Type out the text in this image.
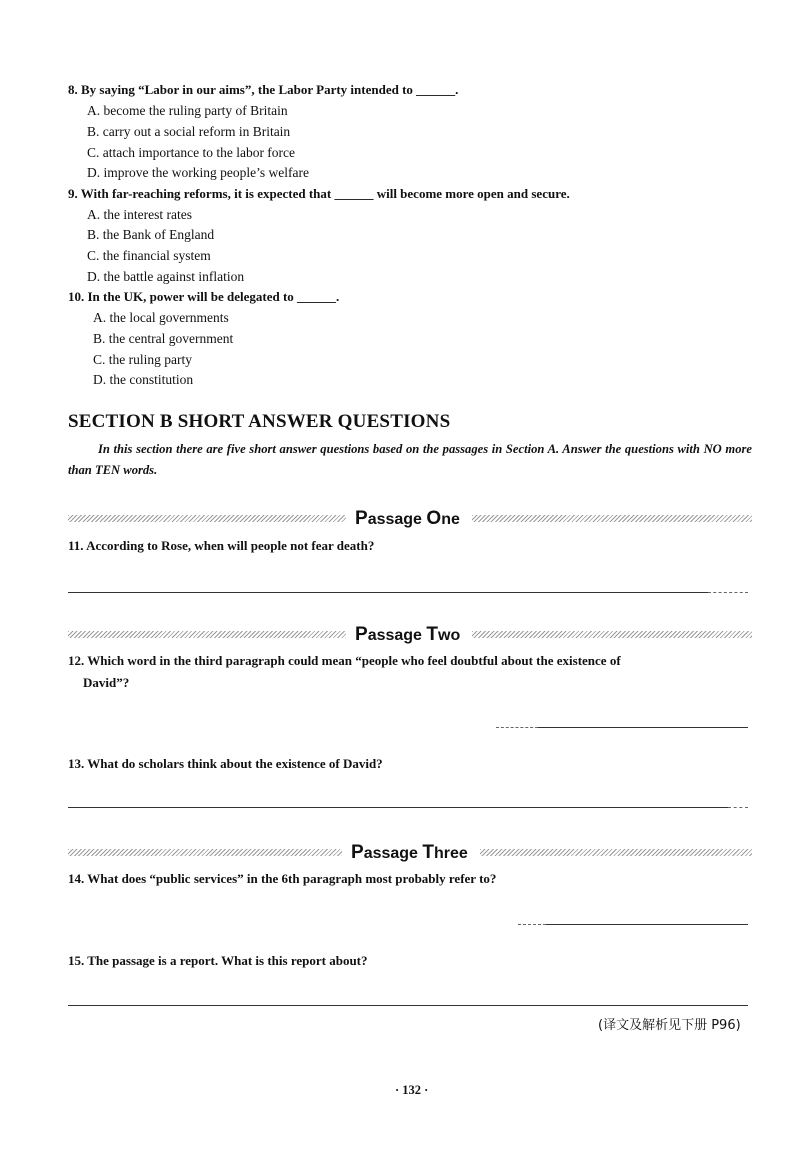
8. By saying “Labor in our aims”, the Labor Party intended to ______.
A. become the ruling party of Britain
B. carry out a social reform in Britain
C. attach importance to the labor force
D. improve the working people’s welfare
9. With far-reaching reforms, it is expected that ______ will become more open and secure.
A. the interest rates
B. the Bank of England
C. the financial system
D. the battle against inflation
10. In the UK, power will be delegated to ______.
A. the local governments
B. the central government
C. the ruling party
D. the constitution
SECTION B SHORT ANSWER QUESTIONS
In this section there are five short answer questions based on the passages in Section A. Answer the questions with NO more than TEN words.
Passage One
11. According to Rose, when will people not fear death?
Passage Two
12. Which word in the third paragraph could mean “people who feel doubtful about the existence of
David”?
13. What do scholars think about the existence of David?
Passage Three
14. What does “public services” in the 6th paragraph most probably refer to?
15. The passage is a report. What is this report about?
(译文及解析见下册 P96)
· 132 ·
